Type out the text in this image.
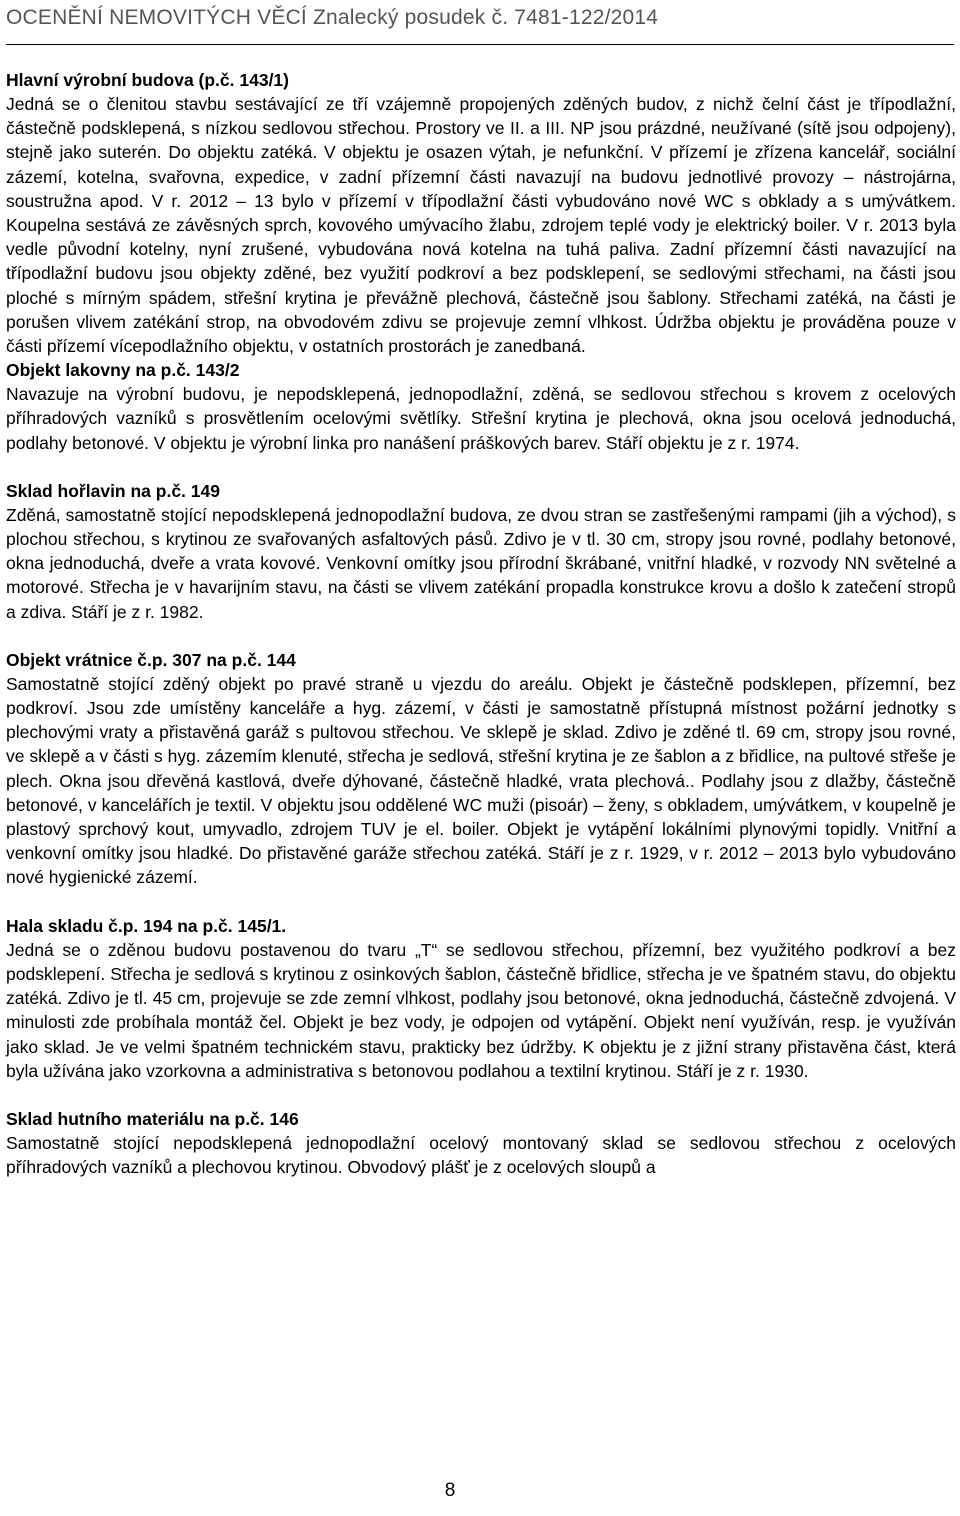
OCENĚNÍ NEMOVITÝCH VĚCÍ Znalecký posudek č. 7481-122/2014

Hlavní výrobní budova (p.č. 143/1)

Jedná se o členitou stavbu sestávající ze tří vzájemně propojených zděných budov, z nichž čelní část je třípodlažní, částečně podsklepená, s nízkou sedlovou střechou. Prostory ve II. a III. NP jsou prázdné, neužívané (sítě jsou odpojeny), stejně jako suterén. Do objektu zatéká. V objektu je osazen výtah, je nefunkční. V přízemí je zřízena kancelář, sociální zázemí, kotelna, svařovna, expedice, v zadní přízemní části navazují na budovu jednotlivé provozy – nástrojárna, soustružna apod. V r. 2012 – 13 bylo v přízemí v třípodlažní části vybudováno nové WC s obklady a s umývátkem. Koupelna sestává ze závěsných sprch, kovového umývacího žlabu, zdrojem teplé vody je elektrický boiler. V r. 2013 byla vedle původní kotelny, nyní zrušené, vybudována nová kotelna na tuhá paliva. Zadní přízemní části navazující na třípodlažní budovu jsou objekty zděné, bez využití podkroví a bez podsklepení, se sedlovými střechami, na části jsou ploché s mírným spádem, střešní krytina je převážně plechová, částečně jsou šablony. Střechami zatéká, na části je porušen vlivem zatékání strop, na obvodovém zdivu se projevuje zemní vlhkost. Údržba objektu je prováděna pouze v části přízemí vícepodlažního objektu, v ostatních prostorách je zanedbaná.

Objekt lakovny na p.č. 143/2

Navazuje na výrobní budovu, je nepodsklepená, jednopodlažní, zděná, se sedlovou střechou s krovem z ocelových příhradových vazníků s prosvětlením ocelovými světlíky. Střešní krytina je plechová, okna jsou ocelová jednoduchá, podlahy betonové. V objektu je výrobní linka pro nanášení práškových barev. Stáří objektu je z r. 1974.

Sklad hořlavin na p.č. 149

Zděná, samostatně stojící nepodsklepená jednopodlažní budova, ze dvou stran se zastřešenými rampami (jih a východ), s plochou střechou, s krytinou ze svařovaných asfaltových pásů. Zdivo je v tl. 30 cm, stropy jsou rovné, podlahy betonové, okna jednoduchá, dveře a vrata kovové. Venkovní omítky jsou přírodní škrábané, vnitřní hladké, v rozvody NN světelné a motorové. Střecha je v havarijním stavu, na části se vlivem zatékání propadla konstrukce krovu a došlo k zatečení stropů a zdiva. Stáří je z r. 1982.

Objekt vrátnice č.p. 307 na p.č. 144

Samostatně stojící zděný objekt po pravé straně u vjezdu do areálu. Objekt je částečně podsklepen, přízemní, bez podkroví. Jsou zde umístěny kanceláře a hyg. zázemí, v části je samostatně přístupná místnost požární jednotky s plechovými vraty a přistavěná garáž s pultovou střechou. Ve sklepě je sklad. Zdivo je zděné tl. 69 cm, stropy jsou rovné, ve sklepě a v části s hyg. zázemím klenuté, střecha je sedlová, střešní krytina je ze šablon a z břidlice, na pultové střeše je plech. Okna jsou dřevěná kastlová, dveře dýhované, částečně hladké, vrata plechová.. Podlahy jsou z dlažby, částečně betonové, v kancelářích je textil. V objektu jsou oddělené WC muži (pisoár) – ženy, s obkladem, umývátkem, v koupelně je plastový sprchový kout, umyvadlo, zdrojem TUV je el. boiler. Objekt je vytápění lokálními plynovými topidly. Vnitřní a venkovní omítky jsou hladké. Do přistavěné garáže střechou zatéká. Stáří je z r. 1929, v r. 2012 – 2013 bylo vybudováno nové hygienické zázemí.

Hala skladu č.p. 194 na p.č. 145/1.

Jedná se o zděnou budovu postavenou do tvaru „T“ se sedlovou střechou, přízemní, bez využitého podkroví a bez podsklepení. Střecha je sedlová s krytinou z osinkových šablon, částečně břidlice, střecha je ve špatném stavu, do objektu zatéká. Zdivo je tl. 45 cm, projevuje se zde zemní vlhkost, podlahy jsou betonové, okna jednoduchá, částečně zdvojená. V minulosti zde probíhala montáž čel. Objekt je bez vody, je odpojen od vytápění. Objekt není využíván, resp. je využíván jako sklad. Je ve velmi špatném technickém stavu, prakticky bez údržby. K objektu je z jižní strany přistavěna část, která byla užívána jako vzorkovna a administrativa s betonovou podlahou a textilní krytinou. Stáří je z r. 1930.

Sklad hutního materiálu na p.č. 146

Samostatně stojící nepodsklepená jednopodlažní ocelový montovaný sklad se sedlovou střechou z ocelových příhradových vazníků a plechovou krytinou. Obvodový plášť je z ocelových sloupů a

8
